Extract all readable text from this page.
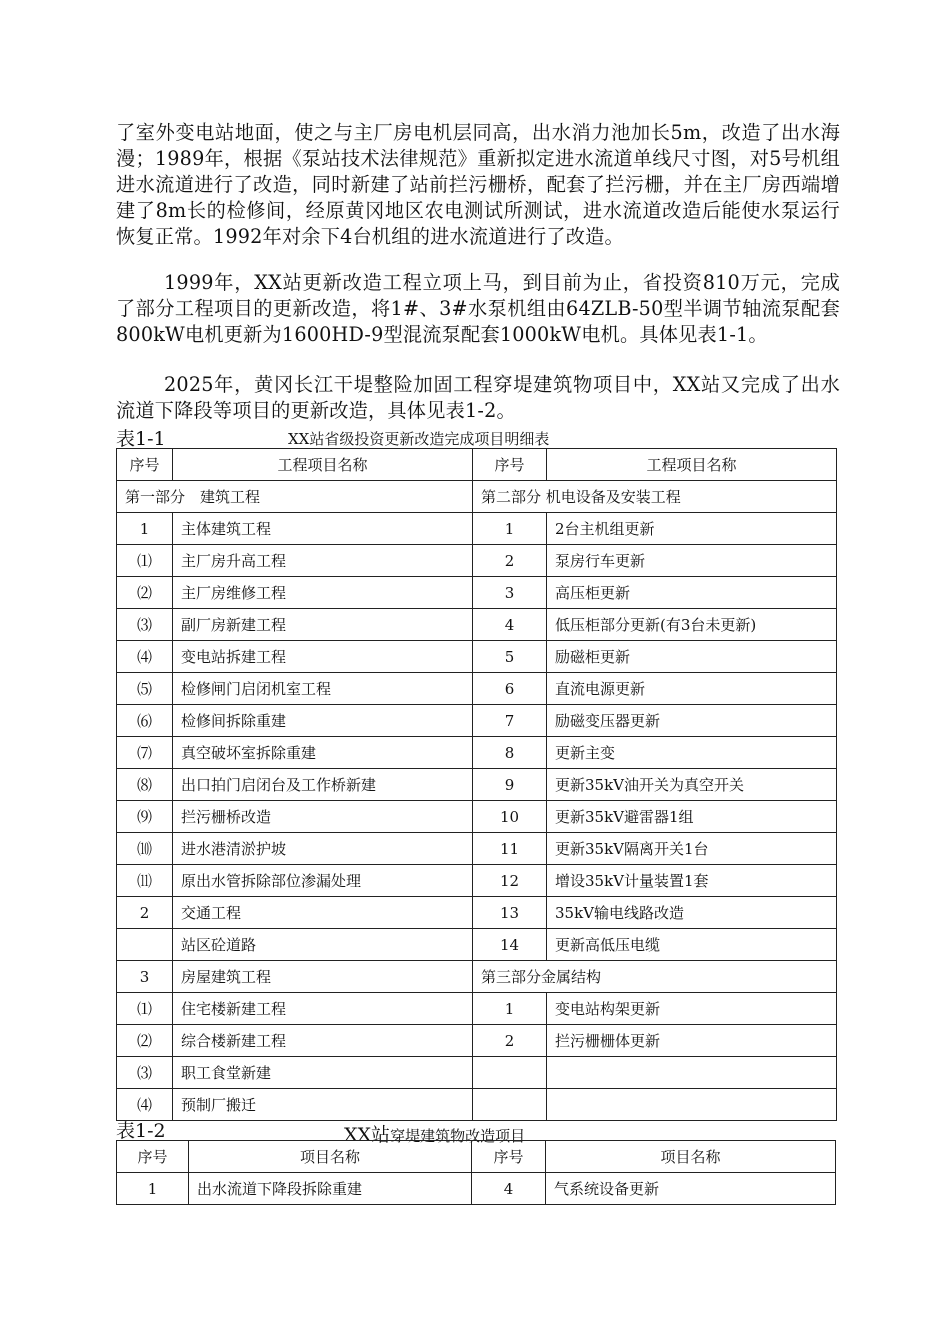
了室外变电站地面，使之与主厂房电机层同高，出水消力池加长5m，改造了出水海漫；1989年，根据《泵站技术法律规范》重新拟定进水流道单线尺寸图，对5号机组进水流道进行了改造，同时新建了站前拦污栅桥，配套了拦污栅，并在主厂房西端增建了8m长的检修间，经原黄冈地区农电测试所测试，进水流道改造后能使水泵运行恢复正常。1992年对余下4台机组的进水流道进行了改造。

1999年，XX站更新改造工程立项上马，到目前为止，省投资810万元，完成了部分工程项目的更新改造，将1#、3#水泵机组由64ZLB-50型半调节轴流泵配套800kW电机更新为1600HD-9型混流泵配套1000kW电机。具体见表1-1。

2025年，黄冈长江干堤整险加固工程穿堤建筑物项目中，XX站又完成了出水流道下降段等项目的更新改造，具体见表1-2。

表1-1	XX站省级投资更新改造完成项目明细表
序号	工程项目名称	序号	工程项目名称
第一部分　建筑工程		第二部分 机电设备及安装工程	
1	主体建筑工程	1	2台主机组更新
⑴	主厂房升高工程	2	泵房行车更新
⑵	主厂房维修工程	3	高压柜更新
⑶	副厂房新建工程	4	低压柜部分更新(有3台未更新)
⑷	变电站拆建工程	5	励磁柜更新
⑸	检修闸门启闭机室工程	6	直流电源更新
⑹	检修间拆除重建	7	励磁变压器更新
⑺	真空破坏室拆除重建	8	更新主变
⑻	出口拍门启闭台及工作桥新建	9	更新35kV油开关为真空开关
⑼	拦污栅桥改造	10	更新35kV避雷器1组
⑽	进水港清淤护坡	11	更新35kV隔离开关1台
⑾	原出水管拆除部位渗漏处理	12	增设35kV计量装置1套
2	交通工程	13	35kV输电线路改造
	站区砼道路	14	更新高低压电缆
3	房屋建筑工程	第三部分金属结构	
⑴	住宅楼新建工程	1	变电站构架更新
⑵	综合楼新建工程	2	拦污栅栅体更新
⑶	职工食堂新建		
⑷	预制厂搬迁		
表1-2	XX站穿堤建筑物改造项目
序号	项目名称	序号	项目名称
1	出水流道下降段拆除重建	4	气系统设备更新
